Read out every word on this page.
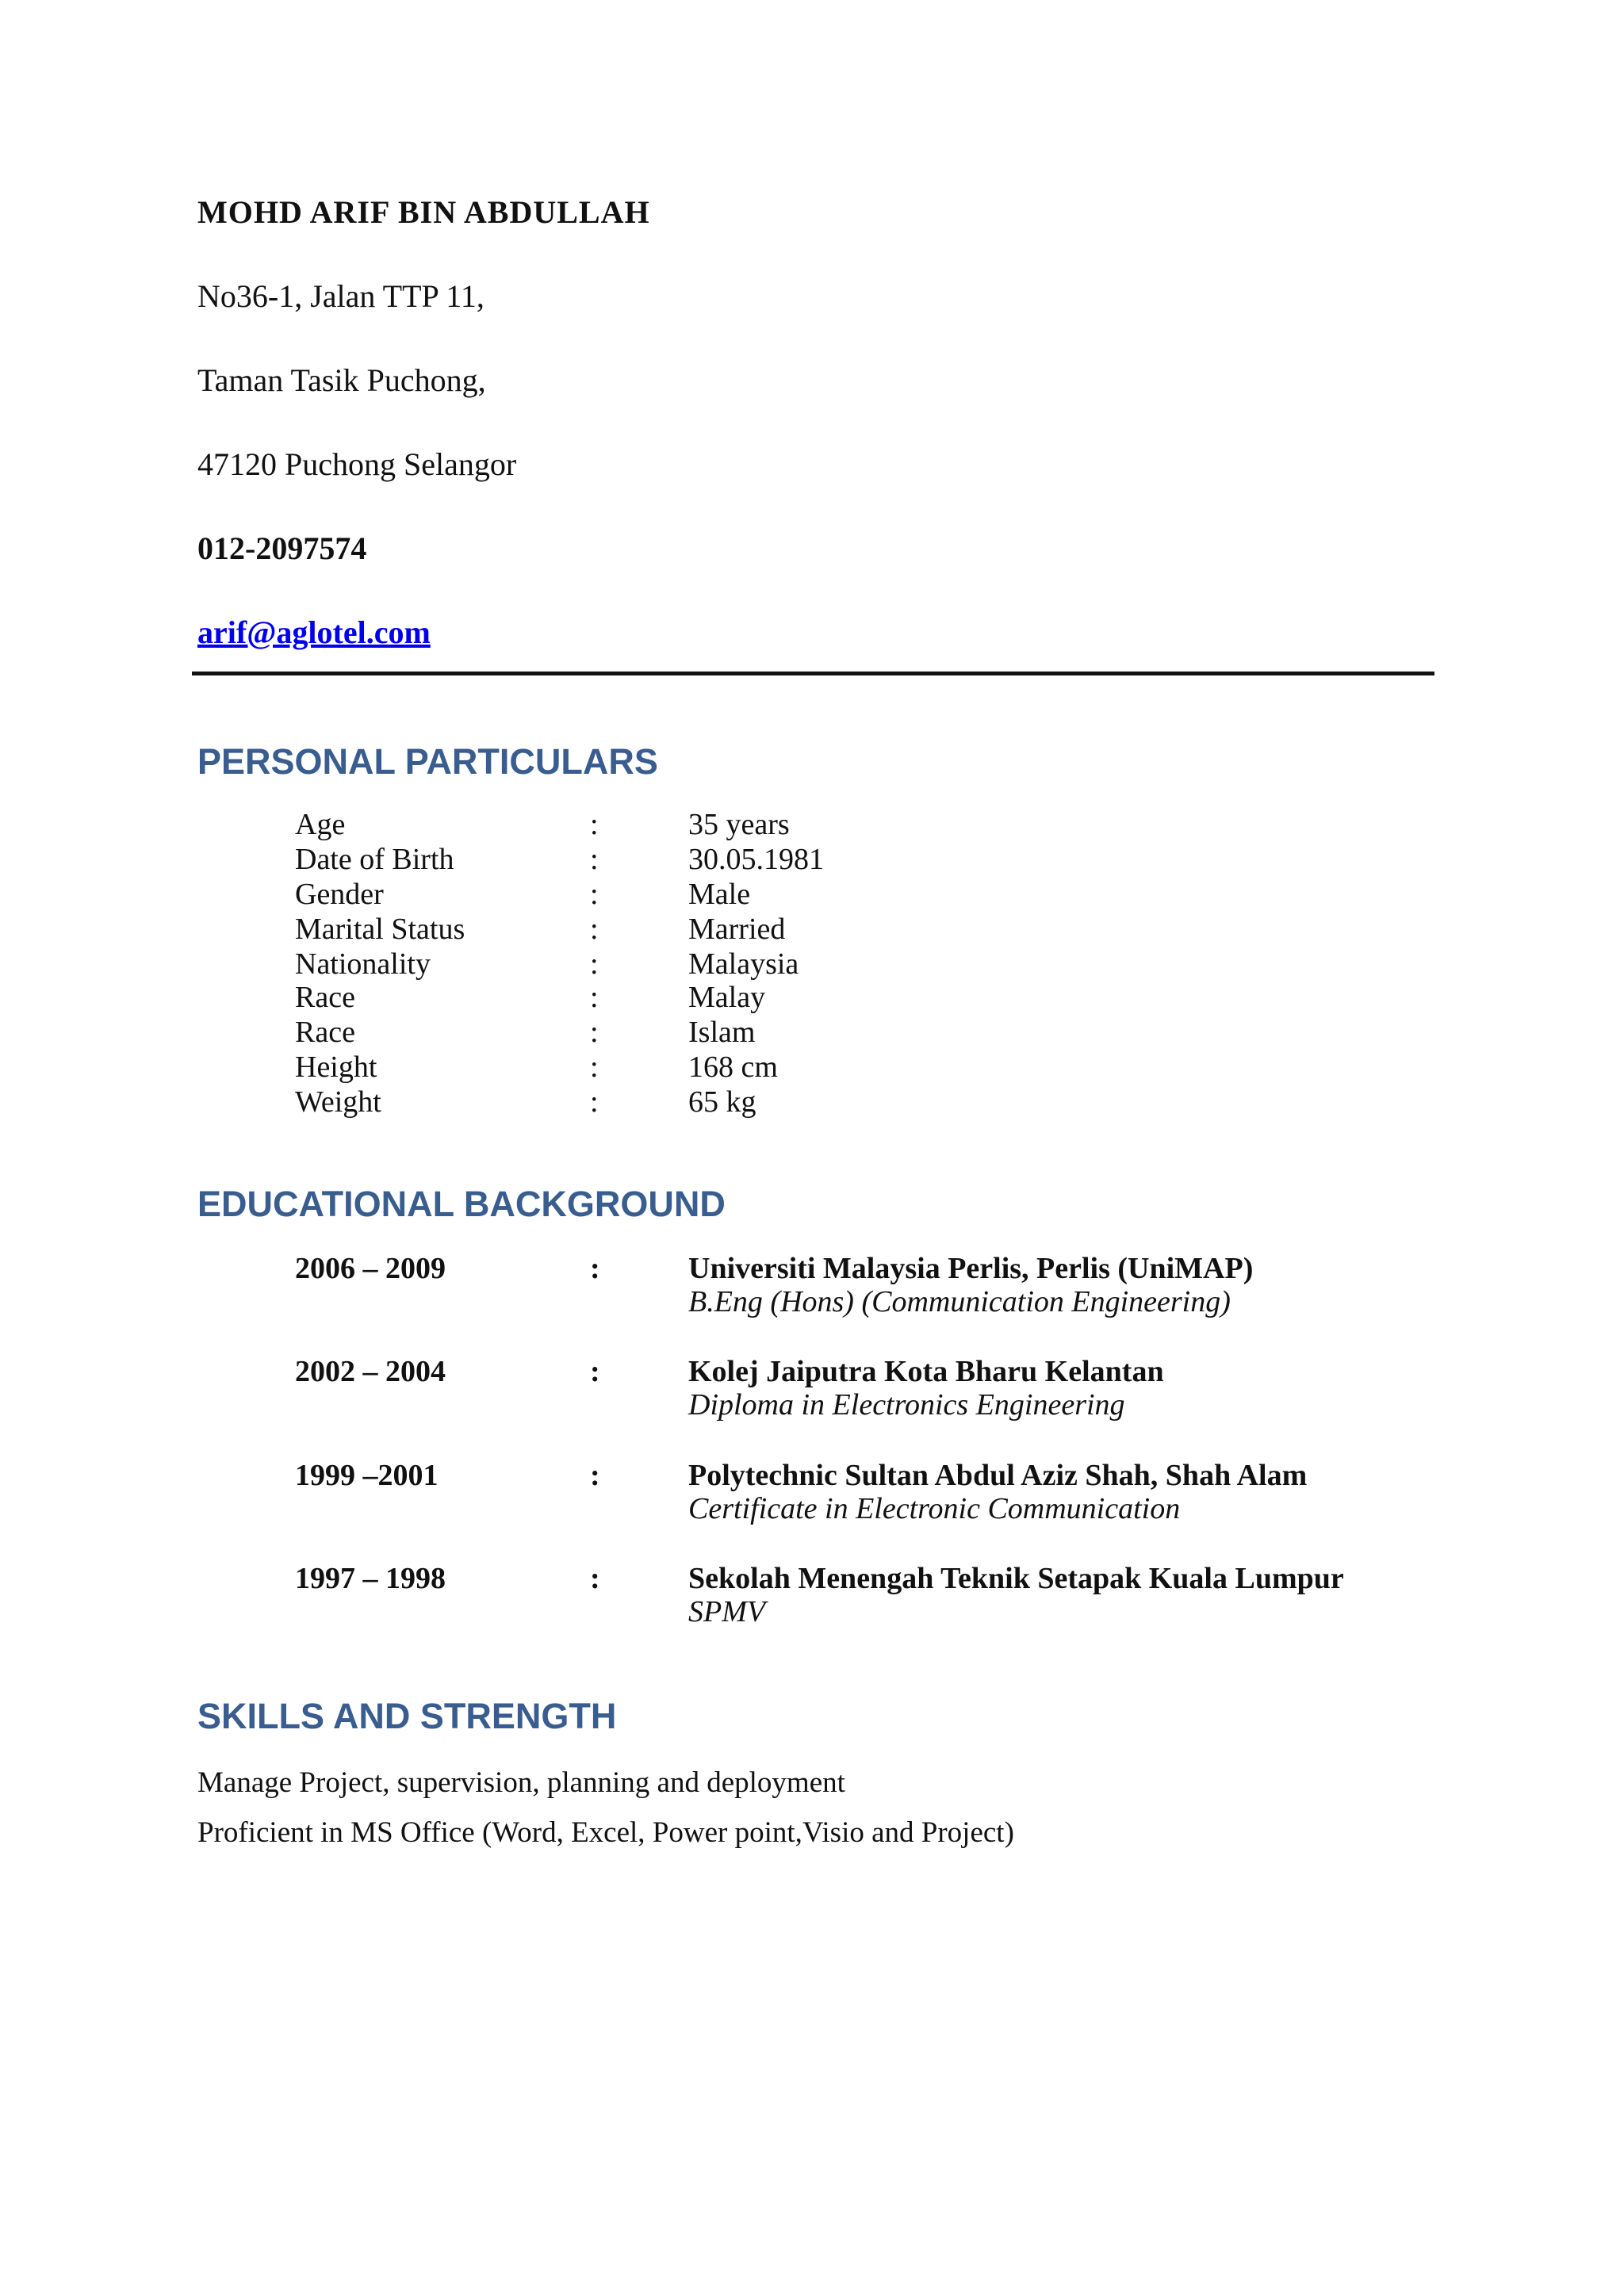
MOHD ARIF BIN ABDULLAH
No36-1, Jalan TTP 11,
Taman Tasik Puchong,
47120 Puchong Selangor
012-2097574
arif@aglotel.com
PERSONAL PARTICULARS
Age	:	35 years
Date of Birth	:	30.05.1981
Gender	:	Male
Marital Status	:	Married
Nationality	:	Malaysia
Race	:	Malay
Race	:	Islam
Height	:	168 cm
Weight	:	65 kg
EDUCATIONAL BACKGROUND
2006 – 2009	:	Universiti Malaysia Perlis, Perlis (UniMAP)
B.Eng (Hons) (Communication Engineering)
2002 – 2004	:	Kolej Jaiputra Kota Bharu Kelantan
Diploma in Electronics Engineering
1999 –2001	:	Polytechnic Sultan Abdul Aziz Shah, Shah Alam
Certificate in Electronic Communication
1997 – 1998	:	Sekolah Menengah Teknik Setapak Kuala Lumpur
SPMV
SKILLS AND STRENGTH
Manage Project, supervision, planning and deployment
Proficient in MS Office (Word, Excel, Power point,Visio and Project)
